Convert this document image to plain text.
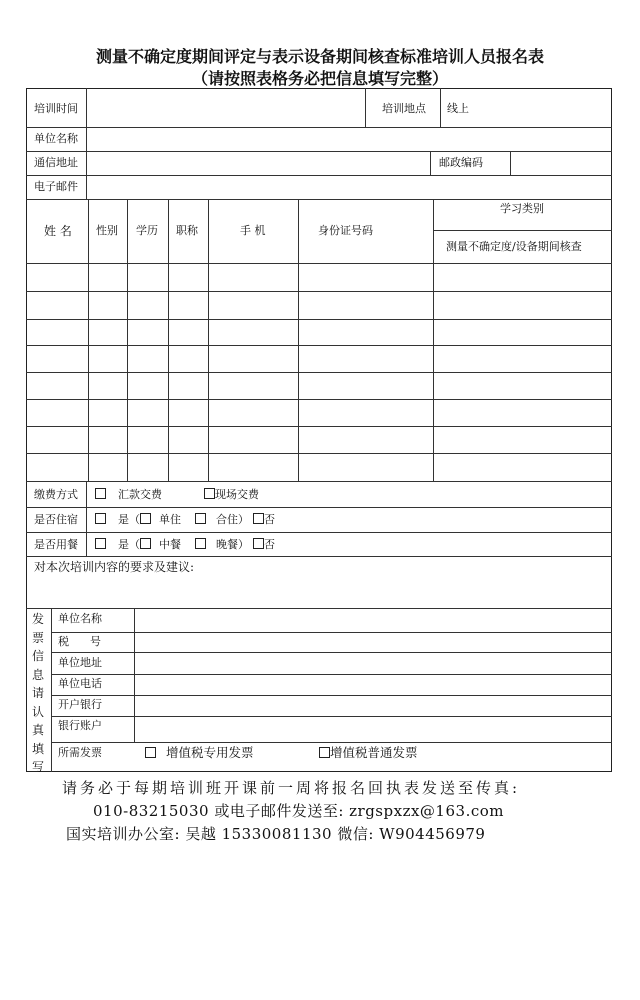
测量不确定度期间评定与表示设备期间核查标准培训人员报名表
（请按照表格务必把信息填写完整）
培训时间	培训地点 线上
单位名称
通信地址	邮政编码
电子邮件
姓 名 性别 学历 职称	手 机	身份证号码
学习类别
测量不确定度/设备期间核查
缴费方式	汇款交费	现场交费
是否住宿	是（ 单住	合住） 否
是否用餐	是（ 中餐	晚餐） 否
对本次培训内容的要求及建议:
发票信息请认真填写
单位名称
税      号
单位地址
单位电话
开户银行
银行账户
所需发票	增值税专用发票	增值税普通发票
请务必于每期培训班开课前一周将报名回执表发送至传真:
010-83215030 或电子邮件发送至: zrgspxzx@163.com
国实培训办公室: 吴越 15330081130 微信: W904456979
